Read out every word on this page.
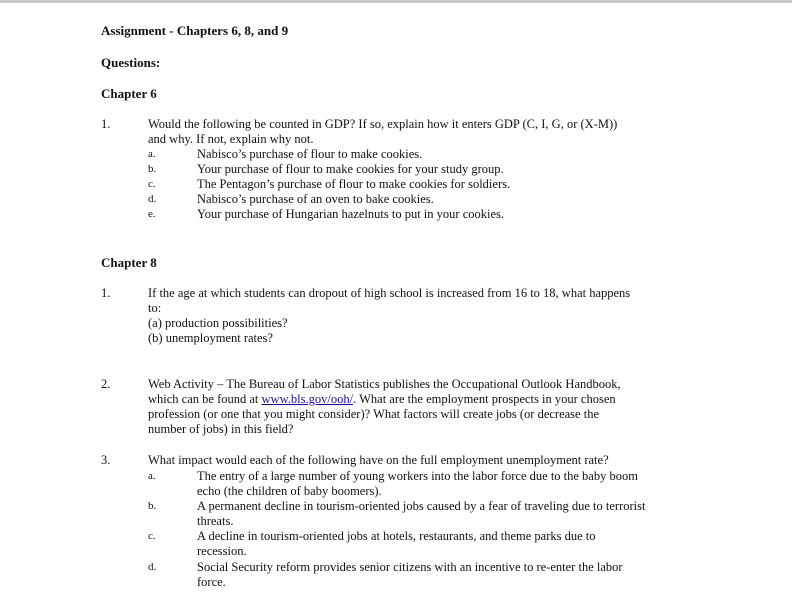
Assignment - Chapters 6, 8, and 9
Questions:
Chapter 6
1.	Would the following be counted in GDP? If so, explain how it enters GDP (C, I, G, or (X-M))
and why. If not, explain why not.
a.	Nabisco’s purchase of flour to make cookies.
b.	Your purchase of flour to make cookies for your study group.
c.	The Pentagon’s purchase of flour to make cookies for soldiers.
d.	Nabisco’s purchase of an oven to bake cookies.
e.	Your purchase of Hungarian hazelnuts to put in your cookies.
Chapter 8
1.	If the age at which students can dropout of high school is increased from 16 to 18, what happens
to:
(a) production possibilities?
(b) unemployment rates?
2.	Web Activity – The Bureau of Labor Statistics publishes the Occupational Outlook Handbook,
which can be found at www.bls.gov/ooh/. What are the employment prospects in your chosen
profession (or one that you might consider)? What factors will create jobs (or decrease the
number of jobs) in this field?
3.	What impact would each of the following have on the full employment unemployment rate?
a.	The entry of a large number of young workers into the labor force due to the baby boom
echo (the children of baby boomers).
b.	A permanent decline in tourism-oriented jobs caused by a fear of traveling due to terrorist
threats.
c.	A decline in tourism-oriented jobs at hotels, restaurants, and theme parks due to
recession.
d.	Social Security reform provides senior citizens with an incentive to re-enter the labor
force.
